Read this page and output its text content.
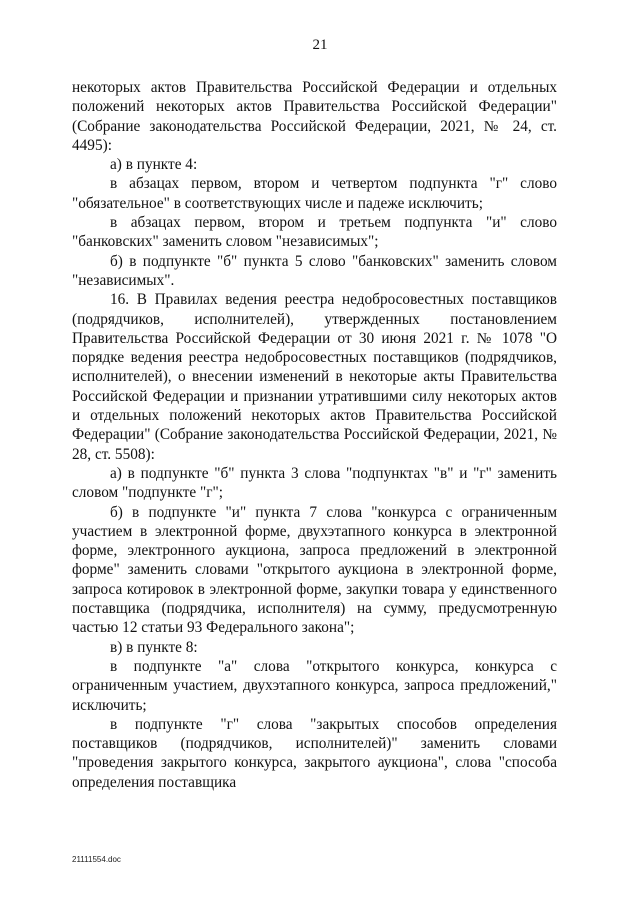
21

некоторых актов Правительства Российской Федерации и отдельных положений некоторых актов Правительства Российской Федерации" (Собрание законодательства Российской Федерации, 2021, № 24, ст. 4495):

а) в пункте 4:

в абзацах первом, втором и четвертом подпункта "г" слово "обязательное" в соответствующих числе и падеже исключить;

в абзацах первом, втором и третьем подпункта "и" слово "банковских" заменить словом "независимых";

б) в подпункте "б" пункта 5 слово "банковских" заменить словом "независимых".

16. В Правилах ведения реестра недобросовестных поставщиков (подрядчиков, исполнителей), утвержденных постановлением Правительства Российской Федерации от 30 июня 2021 г. № 1078 "О порядке ведения реестра недобросовестных поставщиков (подрядчиков, исполнителей), о внесении изменений в некоторые акты Правительства Российской Федерации и признании утратившими силу некоторых актов и отдельных положений некоторых актов Правительства Российской Федерации" (Собрание законодательства Российской Федерации, 2021, № 28, ст. 5508):

а) в подпункте "б" пункта 3 слова "подпунктах "в" и "г" заменить словом "подпункте "г";

б) в подпункте "и" пункта 7 слова "конкурса с ограниченным участием в электронной форме, двухэтапного конкурса в электронной форме, электронного аукциона, запроса предложений в электронной форме" заменить словами "открытого аукциона в электронной форме, запроса котировок в электронной форме, закупки товара у единственного поставщика (подрядчика, исполнителя) на сумму, предусмотренную частью 12 статьи 93 Федерального закона";

в) в пункте 8:

в подпункте "а" слова "открытого конкурса, конкурса с ограниченным участием, двухэтапного конкурса, запроса предложений," исключить;

в подпункте "г" слова "закрытых способов определения поставщиков (подрядчиков, исполнителей)" заменить словами "проведения закрытого конкурса, закрытого аукциона", слова "способа определения поставщика

21111554.doc
